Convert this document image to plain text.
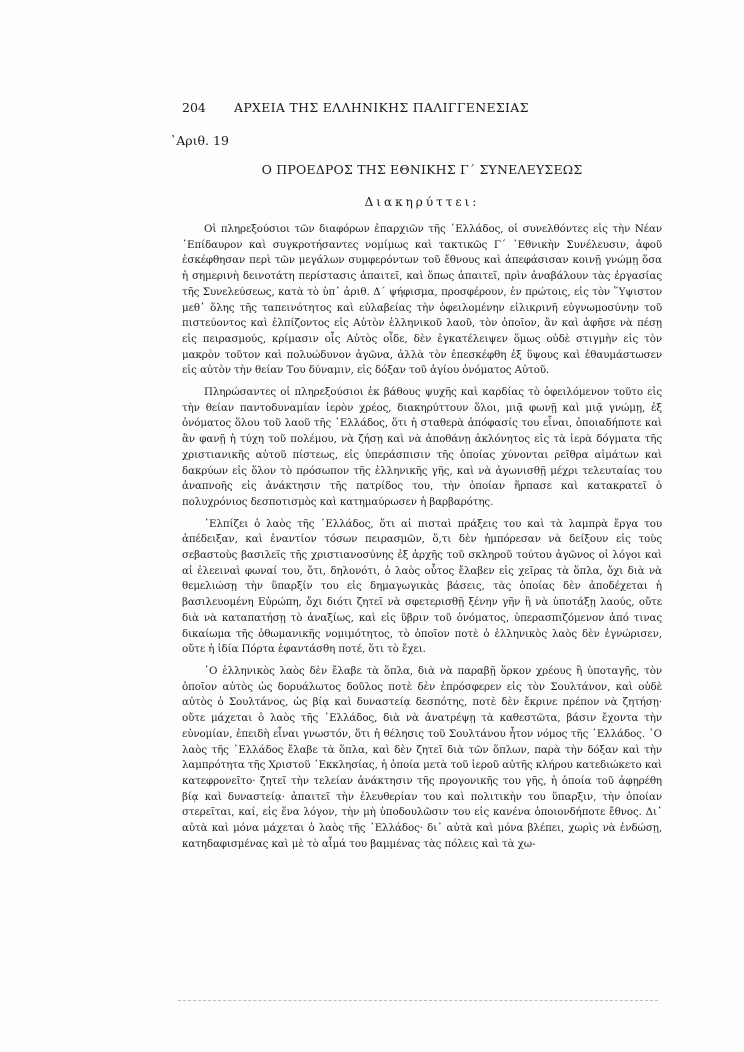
204 ΑΡΧΕΙΑ ΤΗΣ ΕΛΛΗΝΙΚΗΣ ΠΑΛΙΓΓΕΝΕΣΙΑΣ
᾿Αριθ. 19
Ο ΠΡΟΕΔΡΟΣ ΤΗΣ ΕΘΝΙΚΗΣ Γ΄ ΣΥΝΕΛΕΥΣΕΩΣ
Διακηρύττει:

Οἱ πληρεξούσιοι τῶν διαφόρων ἐπαρχιῶν τῆς ῾Ελλάδος, οἱ συνελθόντες εἰς τὴν Νέαν ᾿Επίδαυρον καὶ συγκροτήσαντες νομίμως καὶ τακτικῶς Γ΄ ᾿Εθνικὴν Συνέλευσιν, ἀφοῦ ἐσκέφθησαν περὶ τῶν μεγάλων συμφερόντων τοῦ ἔθνους καὶ ἀπεφάσισαν κοινῇ γνώμῃ ὅσα ἡ σημερινὴ δεινοτάτη περίστασις ἀπαιτεῖ, καὶ ὅπως ἀπαιτεῖ, πρὶν ἀναβάλουν τὰς ἐργασίας τῆς Συνελεύσεως, κατὰ τὸ ὑπ᾿ ἀριθ. Δ΄ ψήφισμα, προσφέρουν, ἐν πρώτοις, εἰς τὸν ῞Υψιστον μεθ᾿ ὅλης τῆς ταπεινότητος καὶ εὐλαβείας τὴν ὀφειλομένην εἰλικρινῆ εὐγνωμοσύνην τοῦ πιστεύοντος καὶ ἐλπίζοντος εἰς Αὐτὸν ἑλληνικοῦ λαοῦ, τὸν ὁποῖον, ἂν καὶ ἀφῆσε νὰ πέσῃ εἰς πειρασμούς, κρίμασιν οἷς Αὐτὸς οἶδε, δὲν ἐγκατέλειψεν ὅμως οὐδὲ στιγμὴν εἰς τὸν μακρὸν τοῦτον καὶ πολυώδυνον ἀγῶνα, ἀλλὰ τὸν ἐπεσκέφθη ἐξ ὕψους καὶ ἐθαυμάστωσεν εἰς αὐτὸν τὴν θείαν Του δύναμιν, εἰς δόξαν τοῦ ἁγίου ὀνόματος Αὐτοῦ.

Πληρώσαντες οἱ πληρεξούσιοι ἐκ βάθους ψυχῆς καὶ καρδίας τὸ ὀφειλόμενον τοῦτο εἰς τὴν θείαν παντοδυναμίαν ἱερὸν χρέος, διακηρύττουν ὅλοι, μιᾷ φωνῇ καὶ μιᾷ γνώμῃ, ἐξ ὀνόματος ὅλου τοῦ λαοῦ τῆς ῾Ελλάδος, ὅτι ἡ σταθερὰ ἀπόφασίς του εἶναι, ὁποιαδήποτε καὶ ἂν φανῇ ἡ τύχη τοῦ πολέμου, νὰ ζήσῃ καὶ νὰ ἀποθάνῃ ἀκλόνητος εἰς τὰ ἱερὰ δόγματα τῆς χριστιανικῆς αὐτοῦ πίστεως, εἰς ὑπεράσπισιν τῆς ὁποίας χύνονται ρεῖθρα αἱμάτων καὶ δακρύων εἰς ὅλον τὸ πρόσωπον τῆς ἑλληνικῆς γῆς, καὶ νὰ ἀγωνισθῇ μέχρι τελευταίας του ἀναπνοῆς εἰς ἀνάκτησιν τῆς πατρίδος του, τὴν ὁποίαν ἥρπασε καὶ κατακρατεῖ ὁ πολυχρόνιος δεσποτισμὸς καὶ κατημαύρωσεν ἡ βαρβαρότης.

᾿Ελπίζει ὁ λαὸς τῆς ῾Ελλάδος, ὅτι αἱ πισταὶ πράξεις του καὶ τὰ λαμπρὰ ἔργα του ἀπέδειξαν, καὶ ἐναντίον τόσων πειρασμῶν, ὅ,τι δὲν ἠμπόρεσαν νὰ δείξουν εἰς τοὺς σεβαστοὺς βασιλεῖς τῆς χριστιανοσύνης ἐξ ἀρχῆς τοῦ σκληροῦ τούτου ἀγῶνος οἱ λόγοι καὶ αἱ ἐλεειναὶ φωναί του, ὅτι, δηλονότι, ὁ λαὸς οὗτος ἔλαβεν εἰς χεῖρας τὰ ὅπλα, ὄχι διὰ νὰ θεμελιώσῃ τὴν ὕπαρξίν του εἰς δημαγωγικὰς βάσεις, τὰς ὁποίας δὲν ἀποδέχεται ἡ βασιλευομένη Εὐρώπη, ὄχι διότι ζητεῖ νὰ σφετερισθῇ ξένην γῆν ἢ νὰ ὑποτάξῃ λαούς, οὔτε διὰ νὰ καταπατήσῃ τὸ ἀναξίως, καὶ εἰς ὕβριν τοῦ ὀνόματος, ὑπερασπιζόμενον ἀπό τινας δικαίωμα τῆς ὀθωμανικῆς νομιμότητος, τὸ ὁποῖον ποτὲ ὁ ἑλληνικὸς λαὸς δὲν ἐγνώρισεν, οὔτε ἡ ἰδία Πόρτα ἐφαντάσθη ποτέ, ὅτι τὸ ἔχει.

῾Ο ἑλληνικὸς λαὸς δὲν ἔλαβε τὰ ὅπλα, διὰ νὰ παραβῇ ὅρκον χρέους ἢ ὑποταγῆς, τὸν ὁποῖον αὐτὸς ὡς δορυάλωτος δοῦλος ποτὲ δὲν ἐπρόσφερεν εἰς τὸν Σουλτάνον, καὶ οὐδὲ αὐτὸς ὁ Σουλτάνος, ὡς βίᾳ καὶ δυναστείᾳ δεσπότης, ποτὲ δὲν ἔκρινε πρέπον νὰ ζητήσῃ· οὔτε μάχεται ὁ λαὸς τῆς ῾Ελλάδος, διὰ νὰ ἀνατρέψῃ τὰ καθεστῶτα, βάσιν ἔχοντα τὴν εὐνομίαν, ἐπειδὴ εἶναι γνωστόν, ὅτι ἡ θέλησις τοῦ Σουλτάνου ἦτον νόμος τῆς ῾Ελλάδος. ῾Ο λαὸς τῆς ῾Ελλάδος ἔλαβε τὰ ὅπλα, καὶ δὲν ζητεῖ διὰ τῶν ὅπλων, παρὰ τὴν δόξαν καὶ τὴν λαμπρότητα τῆς Χριστοῦ ᾿Εκκλησίας, ἡ ὁποία μετὰ τοῦ ἱεροῦ αὐτῆς κλήρου κατεδιώκετο καὶ κατεφρονεῖτο· ζητεῖ τὴν τελείαν ἀνάκτησιν τῆς προγονικῆς του γῆς, ἡ ὁποία τοῦ ἀφῃρέθη βίᾳ καὶ δυναστείᾳ· ἀπαιτεῖ τὴν ἐλευθερίαν του καὶ πολιτικὴν του ὕπαρξιν, τὴν ὁποίαν στερεῖται, καί, εἰς ἕνα λόγον, τὴν μὴ ὑποδουλῶσιν του εἰς κανένα ὁποιονδήποτε ἔθνος. Δι᾿ αὐτὰ καὶ μόνα μάχεται ὁ λαὸς τῆς ῾Ελλάδος· δι᾿ αὐτὰ καὶ μόνα βλέπει, χωρὶς νὰ ἐνδώσῃ, κατηδαφισμένας καὶ μὲ τὸ αἷμά του βαμμένας τὰς πόλεις καὶ τὰ χω-
